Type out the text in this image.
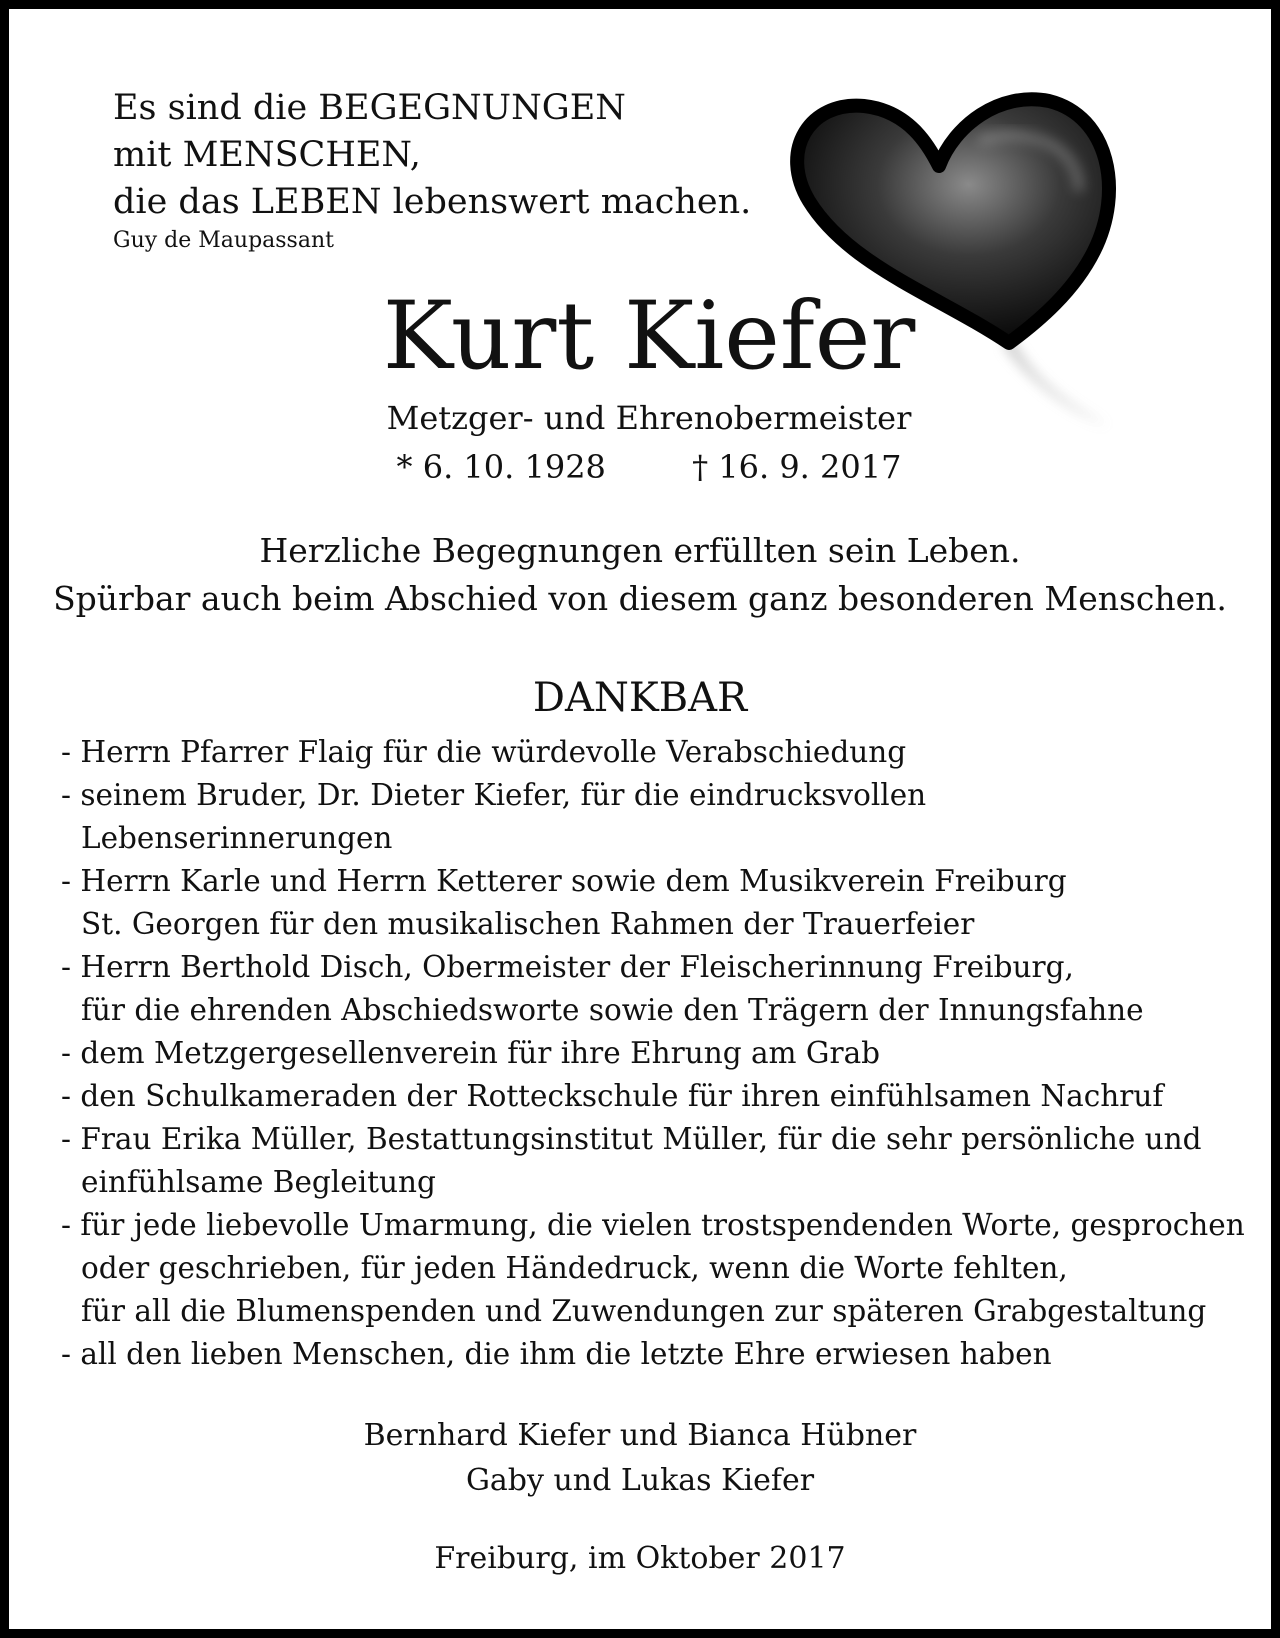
Es sind die BEGEGNUNGEN
mit MENSCHEN,
die das LEBEN lebenswert machen.
Guy de Maupassant
Kurt Kiefer
Metzger- und Ehrenobermeister
* 6. 10. 1928	† 16. 9. 2017
Herzliche Begegnungen erfüllten sein Leben.
Spürbar auch beim Abschied von diesem ganz besonderen Menschen.
DANKBAR
- Herrn Pfarrer Flaig für die würdevolle Verabschiedung
- seinem Bruder, Dr. Dieter Kiefer, für die eindrucksvollen
Lebenserinnerungen
- Herrn Karle und Herrn Ketterer sowie dem Musikverein Freiburg
St. Georgen für den musikalischen Rahmen der Trauerfeier
- Herrn Berthold Disch, Obermeister der Fleischerinnung Freiburg,
für die ehrenden Abschiedsworte sowie den Trägern der Innungsfahne
- dem Metzgergesellenverein für ihre Ehrung am Grab
- den Schulkameraden der Rotteckschule für ihren einfühlsamen Nachruf
- Frau Erika Müller, Bestattungsinstitut Müller, für die sehr persönliche und
einfühlsame Begleitung
- für jede liebevolle Umarmung, die vielen trostspendenden Worte, gesprochen
oder geschrieben, für jeden Händedruck, wenn die Worte fehlten,
für all die Blumenspenden und Zuwendungen zur späteren Grabgestaltung
- all den lieben Menschen, die ihm die letzte Ehre erwiesen haben
Bernhard Kiefer und Bianca Hübner
Gaby und Lukas Kiefer
Freiburg, im Oktober 2017
